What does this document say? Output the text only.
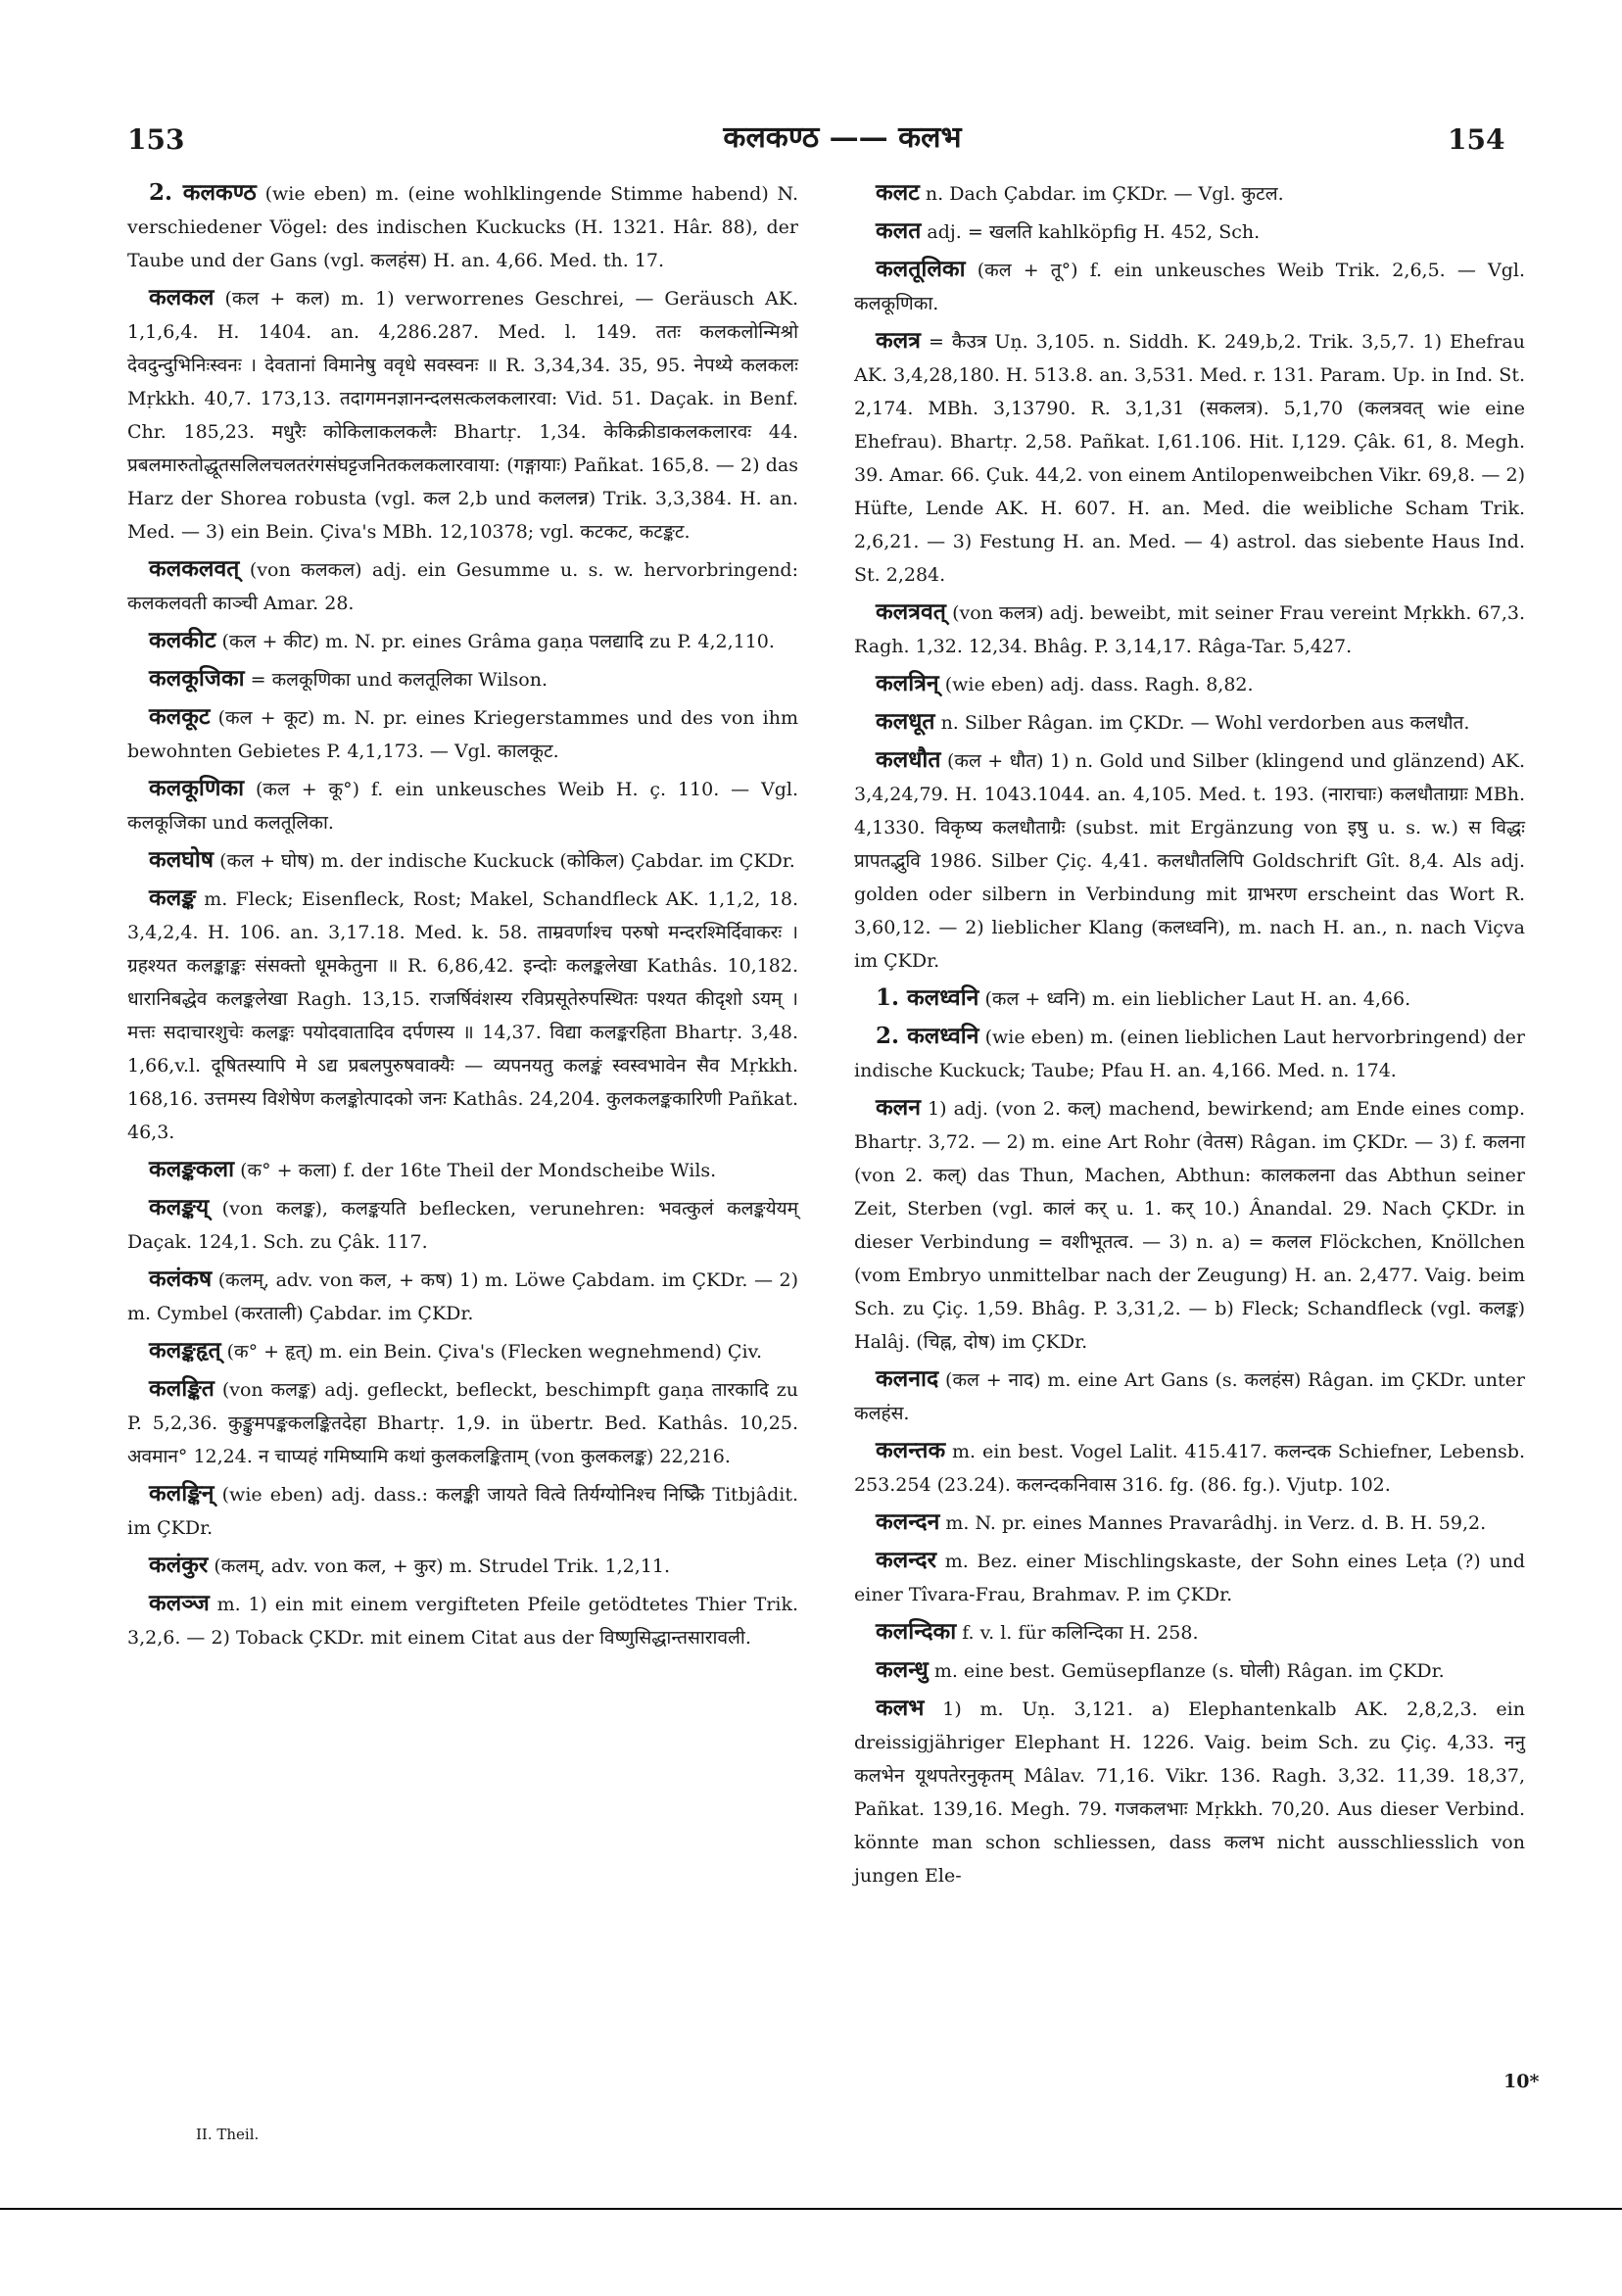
153	कलकण्ठ —— कलभ	154

2. कलकण्ठ (wie eben) m. (eine wohlklingende Stimme habend) N. verschiedener Vögel: des indischen Kuckucks (H. 1321. Hâr. 88), der Taube und der Gans (vgl. कलहंस) H. an. 4,66. Med. th. 17.

कलकल (कल + कल) m. 1) verworrenes Geschrei, — Geräusch AK. 1,1,6,4. H. 1404. an. 4,286.287. Med. l. 149. ततः कलकलोन्मिश्रो देवदुन्दुभिनिःस्वनः । देवतानां विमानेषु ववृधे सवस्वनः ॥ R. 3,34,34. 35, 95. नेपथ्ये कलकलः Mṛkkh. 40,7. 173,13. तदागमनज्ञानन्दलसत्कलकलारवा: Vid. 51. Daçak. in Benf. Chr. 185,23. मधुरैः कोकिलाकलकलैः Bhartṛ. 1,34. केकिक्रीडाकलकलारवः 44. प्रबलमारुतोद्धूतसलिलचलतरंगसंघट्टजनितकलकलारवाया: (गङ्गायाः) Pañkat. 165,8. — 2) das Harz der Shorea robusta (vgl. कल 2,b und कललन्न) Trik. 3,3,384. H. an. Med. — 3) ein Bein. Çiva's MBh. 12,10378; vgl. कटकट, कटङ्कट.

कलकलवत् (von कलकल) adj. ein Gesumme u. s. w. hervorbringend: कलकलवती काञ्ची Amar. 28.

कलकीट (कल + कीट) m. N. pr. eines Grâma gaṇa पलद्यादि zu P. 4,2,110.

कलकूजिका = कलकूणिका und कलतूलिका Wilson.

कलकूट (कल + कूट) m. N. pr. eines Kriegerstammes und des von ihm bewohnten Gebietes P. 4,1,173. — Vgl. कालकूट.

कलकूणिका (कल + कू°) f. ein unkeusches Weib H. ç. 110. — Vgl. कलकूजिका und कलतूलिका.

कलघोष (कल + घोष) m. der indische Kuckuck (कोकिल) Çabdar. im ÇKDr.

कलङ्क m. Fleck; Eisenfleck, Rost; Makel, Schandfleck AK. 1,1,2, 18. 3,4,2,4. H. 106. an. 3,17.18. Med. k. 58. ताम्रवर्णाश्च परुषो मन्दरश्मिर्दिवाकरः । ग्रहश्यत कलङ्काङ्कः संसक्तो धूमकेतुना ॥ R. 6,86,42. इन्दोः कलङ्कलेखा Kathâs. 10,182. धारानिबद्धेव कलङ्कलेखा Ragh. 13,15. राजर्षिवंशस्य रविप्रसूतेरुपस्थितः पश्यत कीदृशो ऽयम् । मत्तः सदाचारशुचेः कलङ्कः पयोदवातादिव दर्पणस्य ॥ 14,37. विद्या कलङ्करहिता Bhartṛ. 3,48. 1,66,v.l. दूषितस्यापि मे ऽद्य प्रबलपुरुषवाक्यैः — व्यपनयतु कलङ्कं स्वस्वभावेन सैव Mṛkkh. 168,16. उत्तमस्य विशेषेण कलङ्कोत्पादको जनः Kathâs. 24,204. कुलकलङ्ककारिणी Pañkat. 46,3.

कलङ्ककला (क° + कला) f. der 16te Theil der Mondscheibe Wils.

कलङ्कय् (von कलङ्क), कलङ्कयति beflecken, verunehren: भवत्कुलं कलङ्कयेयम् Daçak. 124,1. Sch. zu Çâk. 117.

कलंकष (कलम्, adv. von कल, + कष) 1) m. Löwe Çabdam. im ÇKDr. — 2) m. Cymbel (करताली) Çabdar. im ÇKDr.

कलङ्कहृत् (क° + हृत्) m. ein Bein. Çiva's (Flecken wegnehmend) Çiv.

कलङ्कित (von कलङ्क) adj. gefleckt, befleckt, beschimpft gaṇa तारकादि zu P. 5,2,36. कुङ्कुमपङ्ककलङ्कितदेहा Bhartṛ. 1,9. in übertr. Bed. Kathâs. 10,25. अवमान° 12,24. न चाप्यहं गमिष्यामि कथां कुलकलङ्किताम् (von कुलकलङ्क) 22,216.

कलङ्किन् (wie eben) adj. dass.: कलङ्की जायते वित्वे तिर्यग्योनिश्च निष्क्रिे Titbjâdit. im ÇKDr.

कलंकुर (कलम्, adv. von कल, + कुर) m. Strudel Trik. 1,2,11.

कलञ्ज m. 1) ein mit einem vergifteten Pfeile getödtetes Thier Trik. 3,2,6. — 2) Toback ÇKDr. mit einem Citat aus der विष्णुसिद्धान्तसारावली.

कलट n. Dach Çabdar. im ÇKDr. — Vgl. कुटल.

कलत adj. = खलति kahlköpfig H. 452, Sch.

कलतूलिका (कल + तू°) f. ein unkeusches Weib Trik. 2,6,5. — Vgl. कलकूणिका.

कलत्र = कैउत्र Uṇ. 3,105. n. Siddh. K. 249,b,2. Trik. 3,5,7. 1) Ehefrau AK. 3,4,28,180. H. 513.8. an. 3,531. Med. r. 131. Param. Up. in Ind. St. 2,174. MBh. 3,13790. R. 3,1,31 (सकलत्र). 5,1,70 (कलत्रवत् wie eine Ehefrau). Bhartṛ. 2,58. Pañkat. I,61.106. Hit. I,129. Çâk. 61, 8. Megh. 39. Amar. 66. Çuk. 44,2. von einem Antilopenweibchen Vikr. 69,8. — 2) Hüfte, Lende AK. H. 607. H. an. Med. die weibliche Scham Trik. 2,6,21. — 3) Festung H. an. Med. — 4) astrol. das siebente Haus Ind. St. 2,284.

कलत्रवत् (von कलत्र) adj. beweibt, mit seiner Frau vereint Mṛkkh. 67,3. Ragh. 1,32. 12,34. Bhâg. P. 3,14,17. Râga-Tar. 5,427.

कलत्रिन् (wie eben) adj. dass. Ragh. 8,82.

कलधूत n. Silber Râgan. im ÇKDr. — Wohl verdorben aus कलधौत.

कलधौत (कल + धौत) 1) n. Gold und Silber (klingend und glänzend) AK. 3,4,24,79. H. 1043.1044. an. 4,105. Med. t. 193. (नाराचाः) कलधौताग्राः MBh. 4,1330. विकृष्य कलधौताग्रैः (subst. mit Ergänzung von इषु u. s. w.) स विद्धः प्रापतद्भुवि 1986. Silber Çiç. 4,41. कलधौतलिपि Goldschrift Gît. 8,4. Als adj. golden oder silbern in Verbindung mit ग्राभरण erscheint das Wort R. 3,60,12. — 2) lieblicher Klang (कलध्वनि), m. nach H. an., n. nach Viçva im ÇKDr.

1. कलध्वनि (कल + ध्वनि) m. ein lieblicher Laut H. an. 4,66.

2. कलध्वनि (wie eben) m. (einen lieblichen Laut hervorbringend) der indische Kuckuck; Taube; Pfau H. an. 4,166. Med. n. 174.

कलन 1) adj. (von 2. कल्) machend, bewirkend; am Ende eines comp. Bhartṛ. 3,72. — 2) m. eine Art Rohr (वेतस) Râgan. im ÇKDr. — 3) f. कलना (von 2. कल्) das Thun, Machen, Abthun: कालकलना das Abthun seiner Zeit, Sterben (vgl. कालं कर् u. 1. कर् 10.) Ânandal. 29. Nach ÇKDr. in dieser Verbindung = वशीभूतत्व. — 3) n. a) = कलल Flöckchen, Knöllchen (vom Embryo unmittelbar nach der Zeugung) H. an. 2,477. Vaig. beim Sch. zu Çiç. 1,59. Bhâg. P. 3,31,2. — b) Fleck; Schandfleck (vgl. कलङ्क) Halâj. (चिह्न, दोष) im ÇKDr.

कलनाद (कल + नाद) m. eine Art Gans (s. कलहंस) Râgan. im ÇKDr. unter कलहंस.

कलन्तक m. ein best. Vogel Lalit. 415.417. कलन्दक Schiefner, Lebensb. 253.254 (23.24). कलन्दकनिवास 316. fg. (86. fg.). Vjutp. 102.

कलन्दन m. N. pr. eines Mannes Pravarâdhj. in Verz. d. B. H. 59,2.

कलन्दर m. Bez. einer Mischlingskaste, der Sohn eines Leṭa (?) und einer Tîvara-Frau, Brahmav. P. im ÇKDr.

कलन्दिका f. v. l. für कलिन्दिका H. 258.

कलन्धु m. eine best. Gemüsepflanze (s. घोली) Râgan. im ÇKDr.

कलभ 1) m. Uṇ. 3,121. a) Elephantenkalb AK. 2,8,2,3. ein dreissigjähriger Elephant H. 1226. Vaig. beim Sch. zu Çiç. 4,33. ननु कलभेन यूथपतेरनुकृतम् Mâlav. 71,16. Vikr. 136. Ragh. 3,32. 11,39. 18,37, Pañkat. 139,16. Megh. 79. गजकलभाः Mṛkkh. 70,20. Aus dieser Verbind. könnte man schon schliessen, dass कलभ nicht ausschliesslich von jungen Ele-

II. Theil.
10*
